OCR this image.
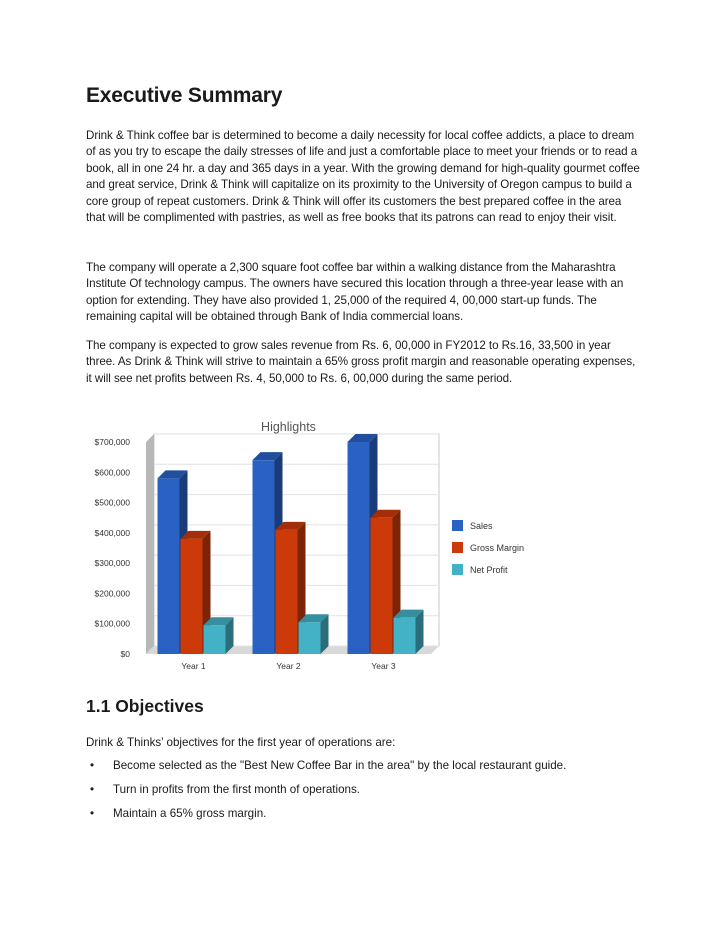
Executive Summary

Drink & Think coffee bar is determined to become a daily necessity for local coffee addicts, a place to dream of as you try to escape the daily stresses of life and just a comfortable place to meet your friends or to read a book, all in one 24 hr. a day and 365 days in a year. With the growing demand for high-quality gourmet coffee and great service, Drink & Think will capitalize on its proximity to the University of Oregon campus to build a core group of repeat customers. Drink & Think will offer its customers the best prepared coffee in the area that will be complimented with pastries, as well as free books that its patrons can read to enjoy their visit.

The company will operate a 2,300 square foot coffee bar within a walking distance from the Maharashtra Institute Of technology campus. The owners have secured this location through a three-year lease with an option for extending. They have also provided 1, 25,000 of the required 4, 00,000 start-up funds. The remaining capital will be obtained through Bank of India commercial loans.

The company is expected to grow sales revenue from Rs. 6, 00,000 in FY2012 to Rs.16, 33,500 in year three. As Drink & Think will strive to maintain a 65% gross profit margin and reasonable operating expenses, it will see net profits between Rs. 4, 50,000 to Rs. 6, 00,000 during the same period.

Highlights
$0
$100,000
$200,000
$300,000
$400,000
$500,000
$600,000
$700,000
Year 1	Year 2	Year 3
Sales
Gross Margin
Net Profit
1.1 Objectives

Drink & Thinks’ objectives for the first year of operations are:

• Become selected as the "Best New Coffee Bar in the area" by the local restaurant guide.
• Turn in profits from the first month of operations.
• Maintain a 65% gross margin.
